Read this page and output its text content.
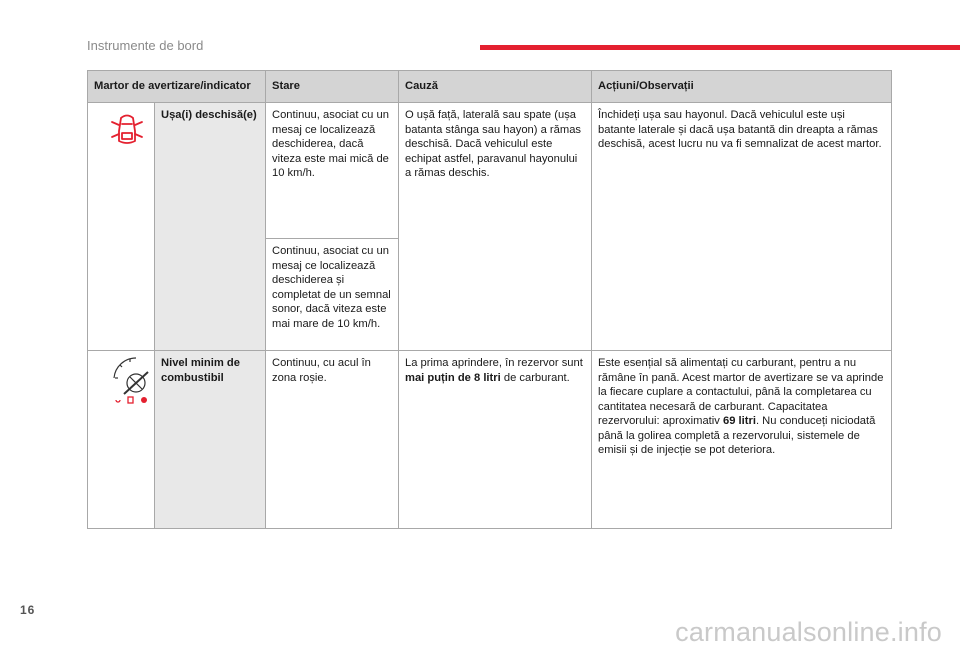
Instrumente de bord
Martor de avertizare/indicator		Stare	Cauză	Acțiuni/Observații

	Ușa(i) deschisă(e)	Continuu, asociat cu un mesaj ce localizează deschiderea, dacă viteza este mai mică de 10 km/h.	O ușă față, laterală sau spate (ușa batanta stânga sau hayon) a rămas deschisă. Dacă vehiculul este echipat astfel, paravanul hayonului a rămas deschis.	Închideți ușa sau hayonul. Dacă vehiculul este uși batante laterale și dacă ușa batantă din dreapta a rămas deschisă, acest lucru nu va fi semnalizat de acest martor.
		Continuu, asociat cu un mesaj ce localizează deschiderea și completat de un semnal sonor, dacă viteza este mai mare de 10 km/h.		

	Nivel minim de combustibil	Continuu, cu acul în zona roșie.	La prima aprindere, în rezervor sunt mai puțin de 8 litri de carburant.	Este esențial să alimentați cu carburant, pentru a nu rămâne în pană. Acest martor de avertizare se va aprinde la fiecare cuplare a contactului, până la completarea cu cantitatea necesară de carburant. Capacitatea rezervorului: aproximativ 69 litri. Nu conduceți niciodată până la golirea completă a rezervorului, sistemele de emisii și de injecție se pot deteriora.
16
carmanualsonline.info
